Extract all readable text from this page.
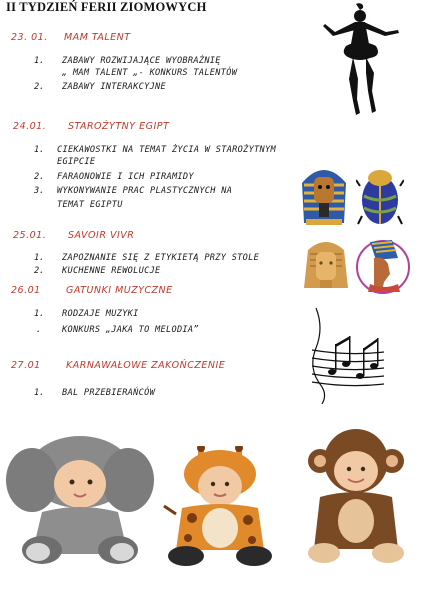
II TYDZIEŃ FERII ZIOMOWYCH
23. 01. MAM TALENT
1. ZABAWY ROZWIJAJĄCE WYOBRAŹNIĘ
„ MAM TALENT „- KONKURS TALENTÓW
2. ZABAWY INTERAKCYJNE
24.01. STAROŻYTNY EGIPT
1. CIEKAWOSTKI NA TEMAT ŻYCIA W STAROŻYTNYM
EGIPCIE
2. FARAONOWIE I ICH PIRAMIDY
3. WYKONYWANIE PRAC PLASTYCZNYCH NA
TEMAT EGIPTU
25.01. SAVOIR VIVR
1. ZAPOZNANIE SIĘ Z ETYKIETĄ PRZY STOLE
2. KUCHENNE REWOLUCJE
26.01	GATUNKI MUZYCZNE
1. RODZAJE MUZYKI
. KONKURS „JAKA TO MELODIA”
27.01	KARNAWAŁOWE ZAKOŃCZENIE
1. BAL PRZEBIERAŃCÓW
